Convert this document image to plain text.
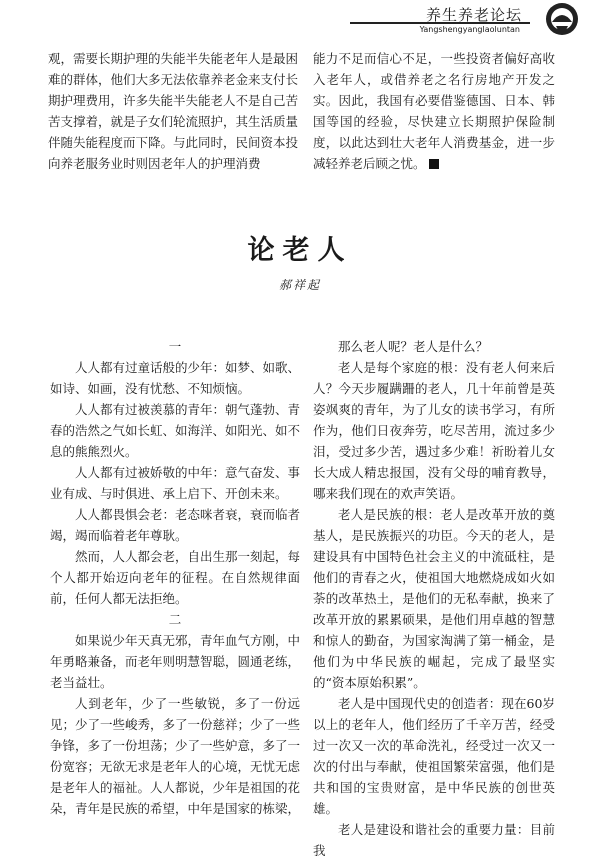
养生养老论坛
Yangshengyanglaoluntan

观，需要长期护理的失能半失能老年人是最困难的群体，他们大多无法依靠养老金来支付长期护理费用，许多失能半失能老人不是自己苦苦支撑着，就是子女们轮流照护，其生活质量伴随失能程度而下降。与此同时，民间资本投向养老服务业时则因老年人的护理消费

能力不足而信心不足，一些投资者偏好高收入老年人，或借养老之名行房地产开发之实。因此，我国有必要借鉴德国、日本、韩国等国的经验，尽快建立长期照护保险制度，以此达到壮大老年人消费基金，进一步减轻养老后顾之忧。

论老人
郝祥起

一

人人都有过童话般的少年：如梦、如歌、如诗、如画，没有忧愁、不知烦恼。

人人都有过被羡慕的青年：朝气蓬勃、青春的浩然之气如长虹、如海洋、如阳光、如不息的熊熊烈火。

人人都有过被娇敬的中年：意气奋发、事业有成、与时俱进、承上启下、开创未来。

人人都畏惧会老：老态咪者衰，衰而临者竭，竭而临着老年尊耿。

然而，人人都会老，自出生那一刻起，每个人都开始迈向老年的征程。在自然规律面前，任何人都无法拒绝。

二

如果说少年天真无邪，青年血气方刚，中年勇略兼备，而老年则明慧智聪，圆通老练，老当益壮。

人到老年，少了一些敏锐，多了一份远见；少了一些峻秀，多了一份慈祥；少了一些争锋，多了一份坦荡；少了一些妒意，多了一份宽容；无欲无求是老年人的心境，无忧无虑是老年人的福祉。人人都说，少年是祖国的花朵，青年是民族的希望，中年是国家的栋梁，

那么老人呢？老人是什么？

老人是每个家庭的根：没有老人何来后人？今天步履蹒跚的老人，几十年前曾是英姿飒爽的青年，为了儿女的读书学习，有所作为，他们日夜奔劳，吃尽苦用，流过多少泪，受过多少苦，遇过多少难！祈盼着儿女长大成人精忠报国，没有父母的哺育教导，哪来我们现在的欢声笑语。

老人是民族的根：老人是改革开放的奠基人，是民族振兴的功臣。今天的老人，是建设具有中国特色社会主义的中流砥柱，是他们的青春之火，使祖国大地燃烧成如火如荼的改革热土，是他们的无私奉献，换来了改革开放的累累硕果，是他们用卓越的智慧和惊人的勤奋，为国家淘满了第一桶金，是他们为中华民族的崛起，完成了最坚实的“资本原始积累”。

老人是中国现代史的创造者：现在60岁以上的老年人，他们经历了千辛万苦，经受过一次又一次的革命洗礼，经受过一次又一次的付出与奉献，使祖国繁荣富强，他们是共和国的宝贵财富，是中华民族的创世英雄。

老人是建设和谐社会的重要力量：目前我
